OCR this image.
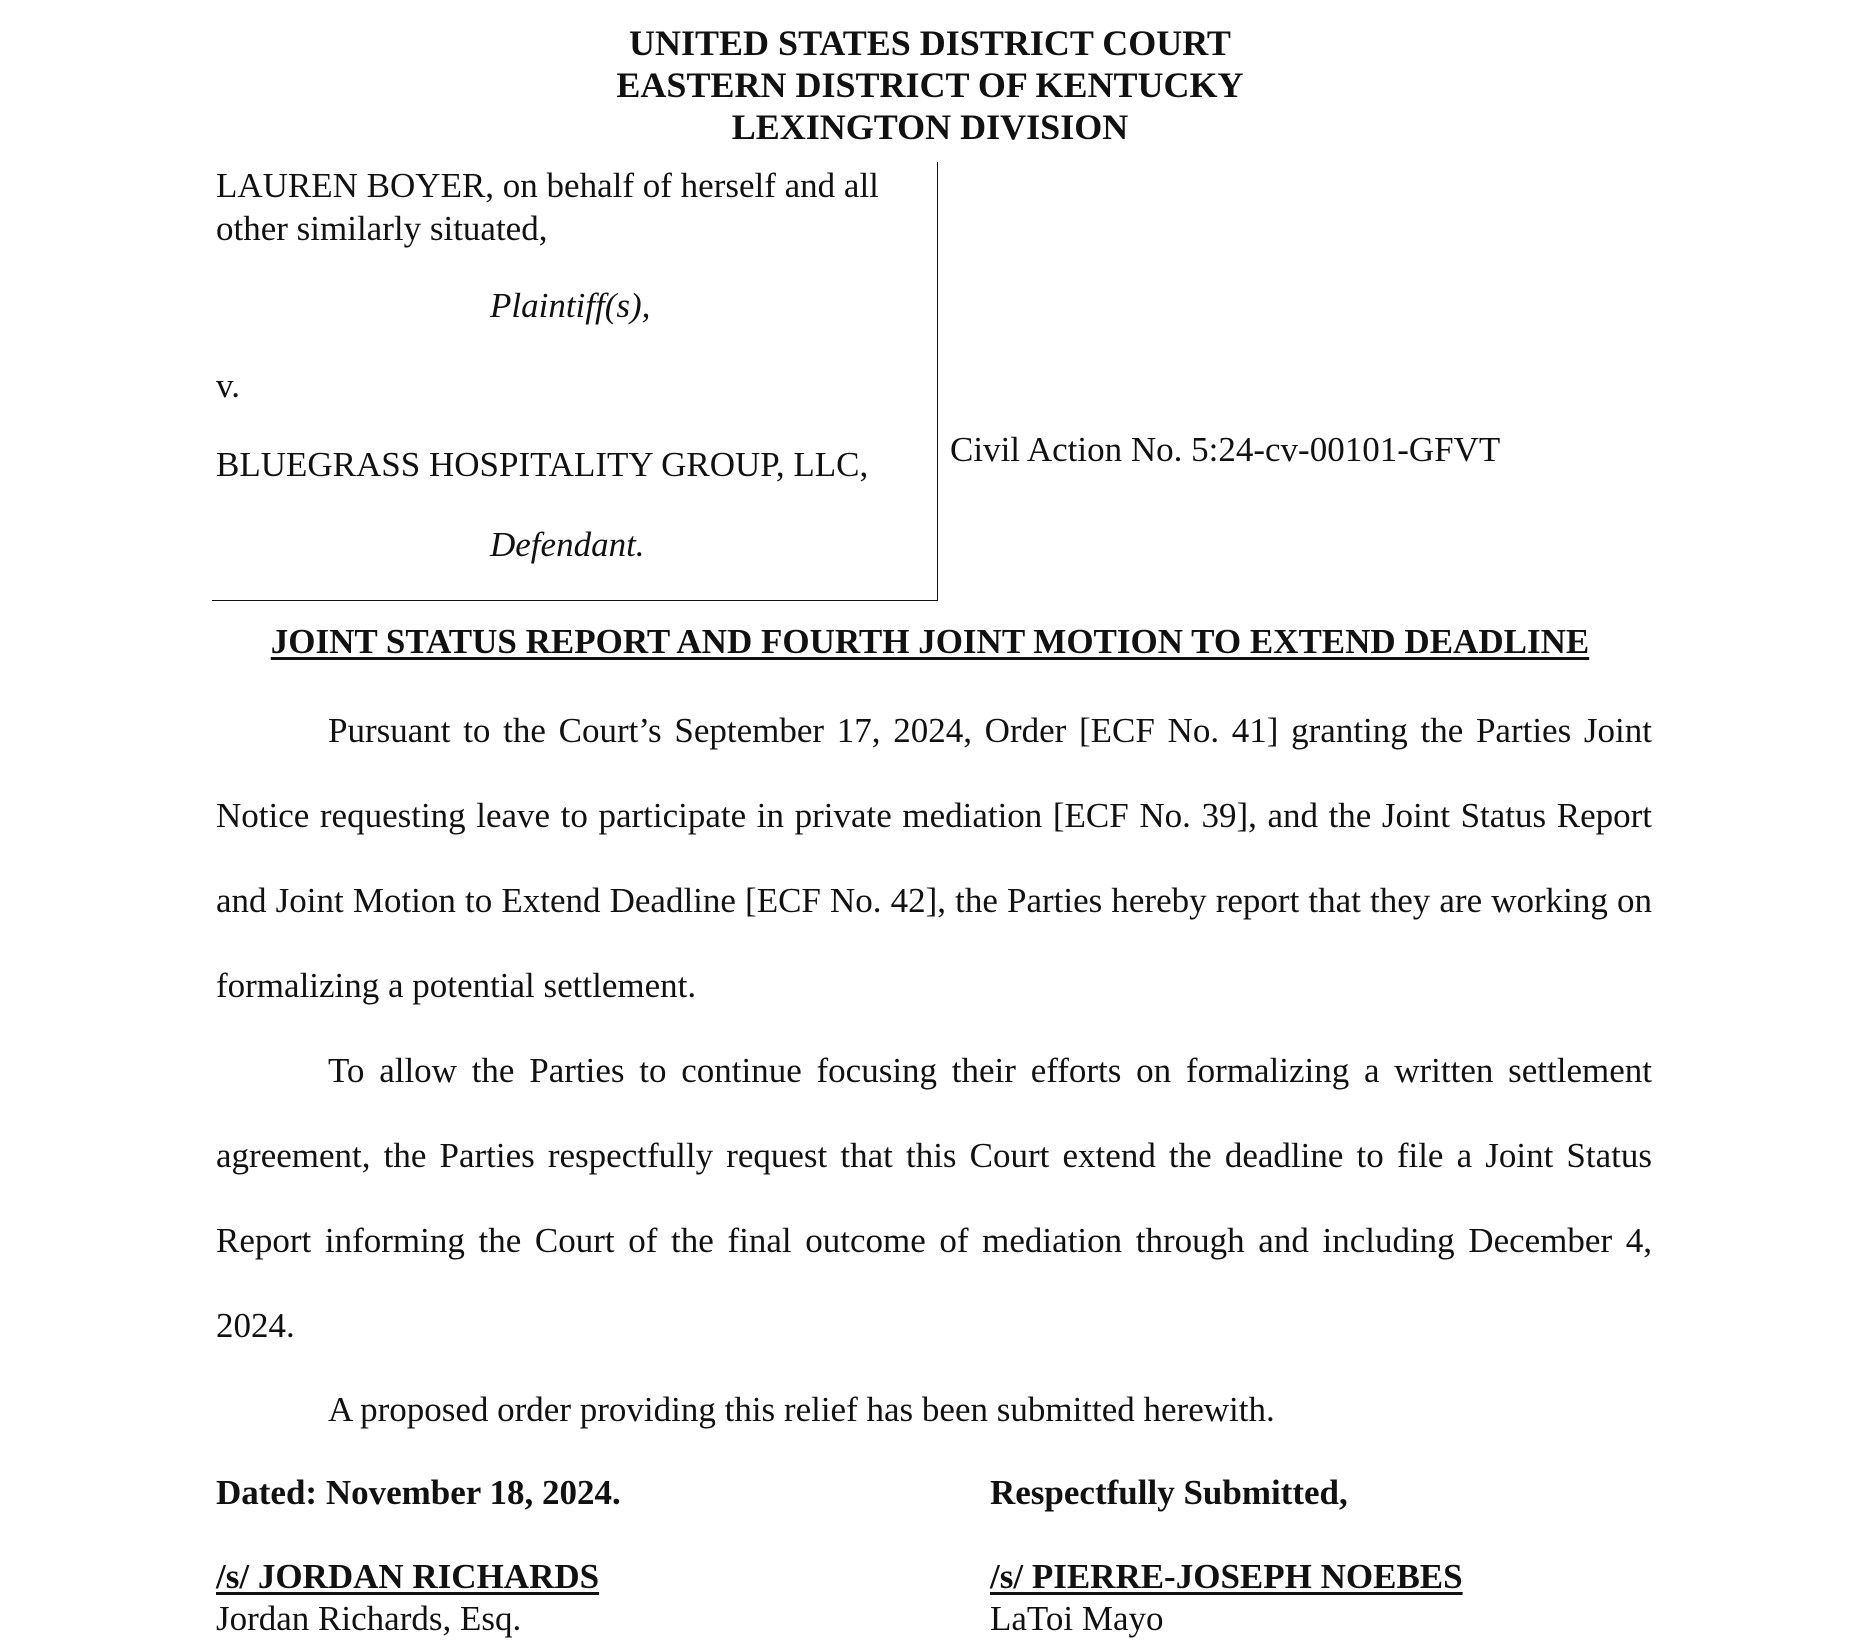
UNITED STATES DISTRICT COURT
EASTERN DISTRICT OF KENTUCKY
LEXINGTON DIVISION
LAUREN BOYER, on behalf of herself and all
other similarly situated,
Plaintiff(s),
v.
BLUEGRASS HOSPITALITY GROUP, LLC,
Defendant.
Civil Action No. 5:24-cv-00101-GFVT
JOINT STATUS REPORT AND FOURTH JOINT MOTION TO EXTEND DEADLINE

Pursuant to the Court’s September 17, 2024, Order [ECF No. 41] granting the Parties Joint Notice requesting leave to participate in private mediation [ECF No. 39], and the Joint Status Report and Joint Motion to Extend Deadline [ECF No. 42], the Parties hereby report that they are working on formalizing a potential settlement.

To allow the Parties to continue focusing their efforts on formalizing a written settlement agreement, the Parties respectfully request that this Court extend the deadline to file a Joint Status Report informing the Court of the final outcome of mediation through and including December 4, 2024.

A proposed order providing this relief has been submitted herewith.

Dated: November 18, 2024.	Respectfully Submitted,
/s/ JORDAN RICHARDS
Jordan Richards, Esq.
/s/ PIERRE-JOSEPH NOEBES
LaToi Mayo
